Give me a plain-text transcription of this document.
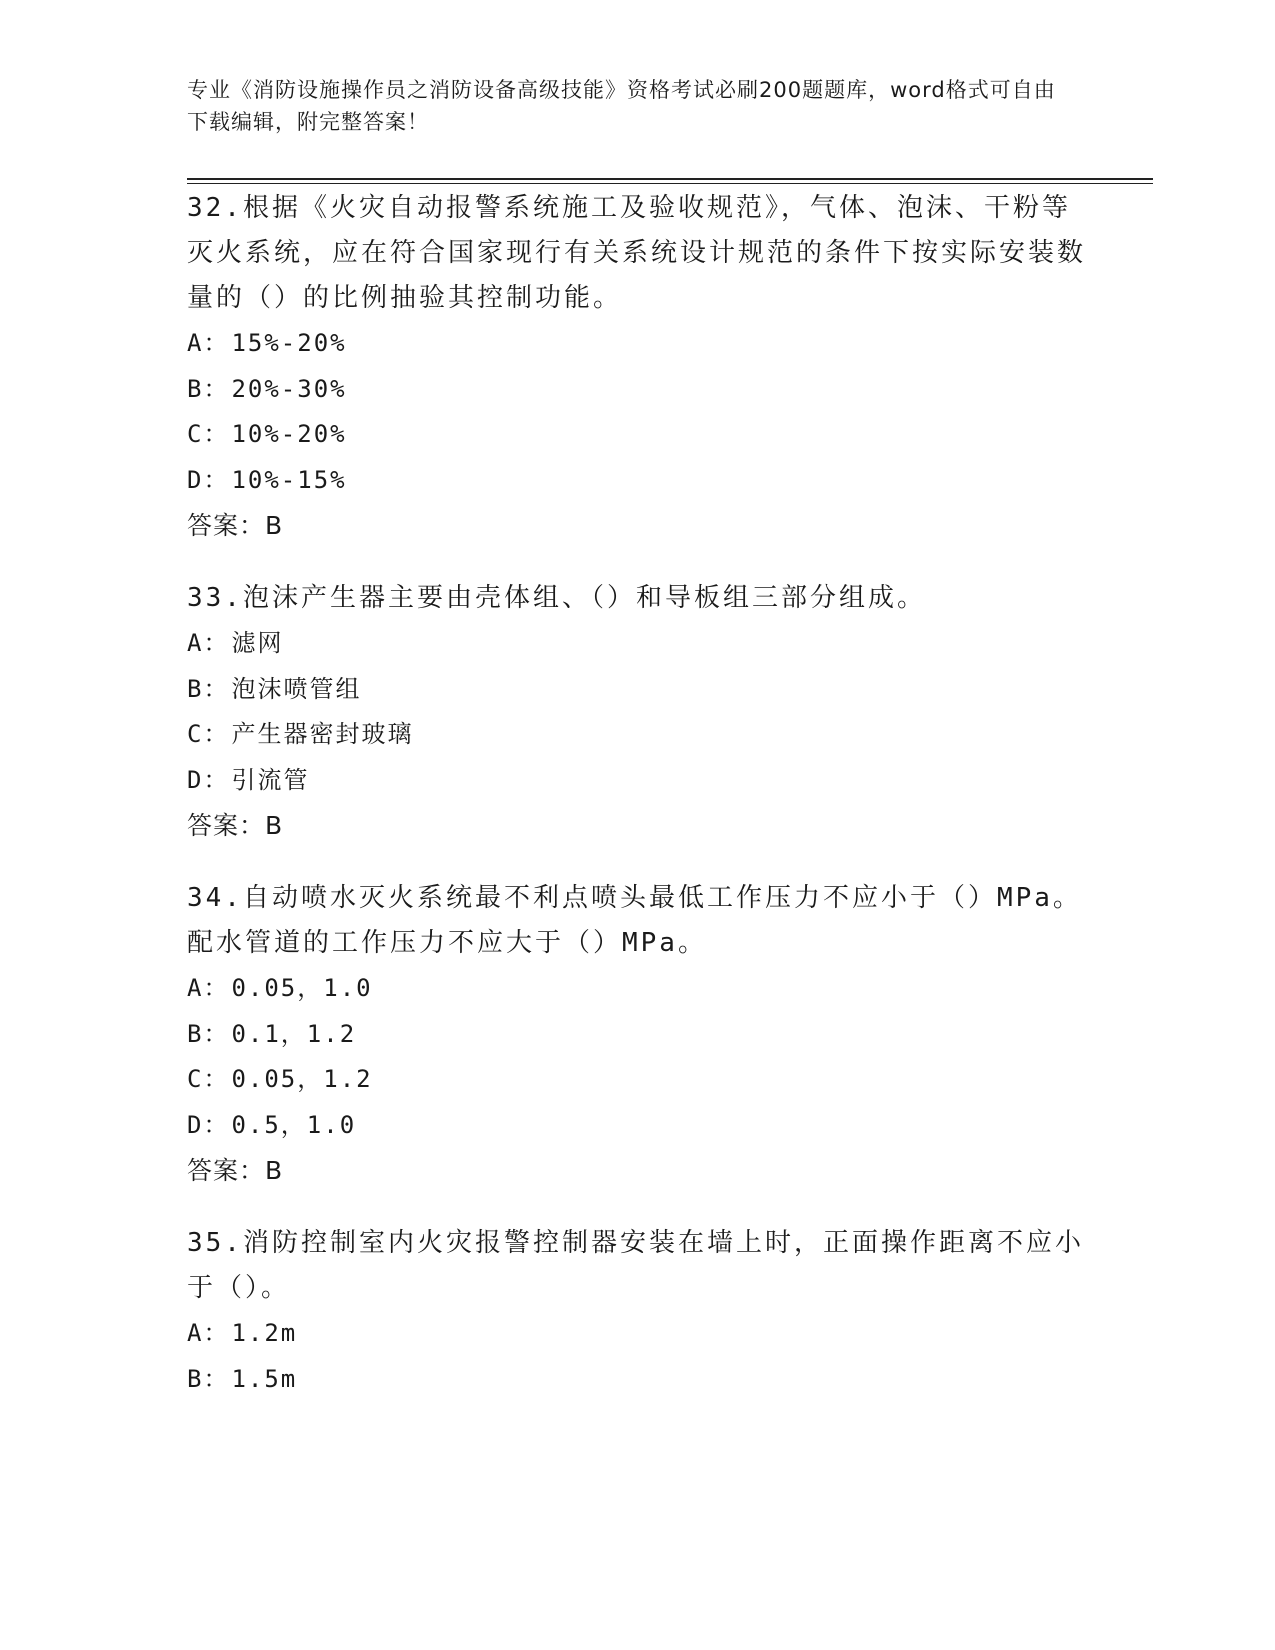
专业《消防设施操作员之消防设备高级技能》资格考试必刷200题题库，word格式可自由下载编辑，附完整答案！

32.根据《火灾自动报警系统施工及验收规范》，气体、泡沫、干粉等灭火系统，应在符合国家现行有关系统设计规范的条件下按实际安装数量的（）的比例抽验其控制功能。

A：15%-20%

B：20%-30%

C：10%-20%

D：10%-15%

答案：B

33.泡沫产生器主要由壳体组、（）和导板组三部分组成。

A：滤网

B：泡沫喷管组

C：产生器密封玻璃

D：引流管

答案：B

34.自动喷水灭火系统最不利点喷头最低工作压力不应小于（）MPa。配水管道的工作压力不应大于（）MPa。

A：0.05，1.0

B：0.1，1.2

C：0.05，1.2

D：0.5，1.0

答案：B

35.消防控制室内火灾报警控制器安装在墙上时，正面操作距离不应小于（）。

A：1.2m

B：1.5m
